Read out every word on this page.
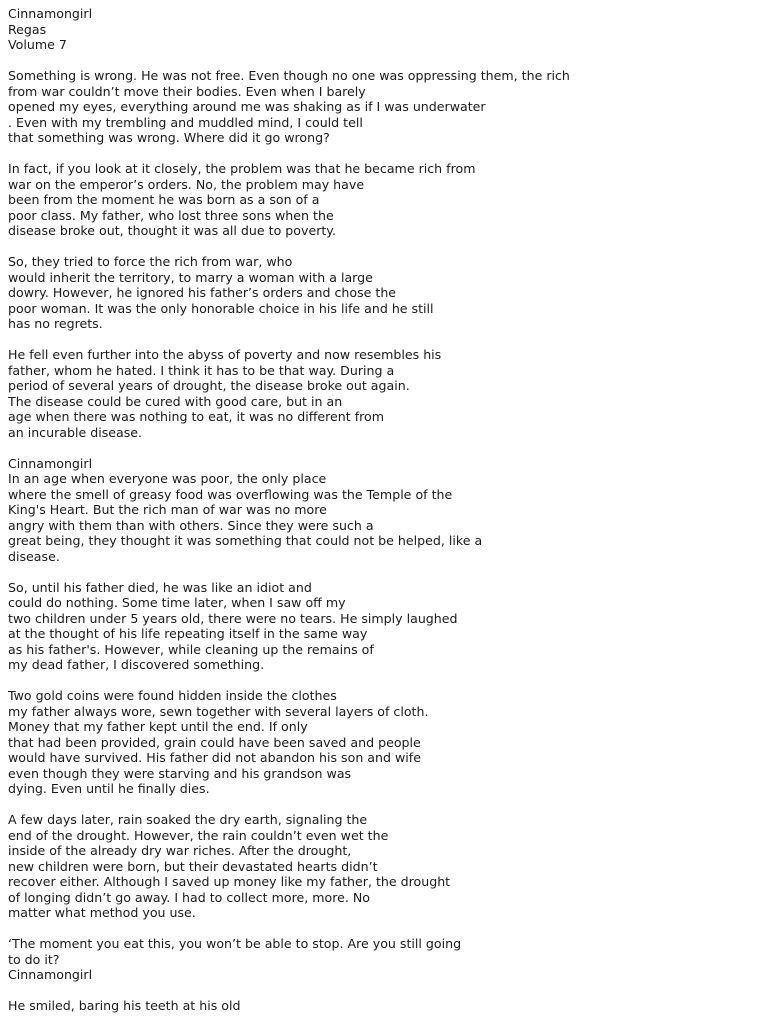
Cinnamongirl
Regas
Volume 7
Something is wrong. He was not free. Even though no one was oppressing them, the rich
from war couldn’t move their bodies. Even when I barely
opened my eyes, everything around me was shaking as if I was underwater
. Even with my trembling and muddled mind, I could tell
that something was wrong. Where did it go wrong?
In fact, if you look at it closely, the problem was that he became rich from
war on the emperor’s orders. No, the problem may have
been from the moment he was born as a son of a
poor class. My father, who lost three sons when the
disease broke out, thought it was all due to poverty.
So, they tried to force the rich from war, who
would inherit the territory, to marry a woman with a large
dowry. However, he ignored his father’s orders and chose the
poor woman. It was the only honorable choice in his life and he still
has no regrets.
He fell even further into the abyss of poverty and now resembles his
father, whom he hated. I think it has to be that way. During a
period of several years of drought, the disease broke out again.
The disease could be cured with good care, but in an
age when there was nothing to eat, it was no different from
an incurable disease.
Cinnamongirl
In an age when everyone was poor, the only place
where the smell of greasy food was overflowing was the Temple of the
King's Heart. But the rich man of war was no more
angry with them than with others. Since they were such a
great being, they thought it was something that could not be helped, like a
disease.
So, until his father died, he was like an idiot and
could do nothing. Some time later, when I saw off my
two children under 5 years old, there were no tears. He simply laughed
at the thought of his life repeating itself in the same way
as his father's. However, while cleaning up the remains of
my dead father, I discovered something.
Two gold coins were found hidden inside the clothes
my father always wore, sewn together with several layers of cloth.
Money that my father kept until the end. If only
that had been provided, grain could have been saved and people
would have survived. His father did not abandon his son and wife
even though they were starving and his grandson was
dying. Even until he finally dies.
A few days later, rain soaked the dry earth, signaling the
end of the drought. However, the rain couldn’t even wet the
inside of the already dry war riches. After the drought,
new children were born, but their devastated hearts didn’t
recover either. Although I saved up money like my father, the drought
of longing didn’t go away. I had to collect more, more. No
matter what method you use.
‘The moment you eat this, you won’t be able to stop. Are you still going
to do it?
Cinnamongirl
He smiled, baring his teeth at his old
